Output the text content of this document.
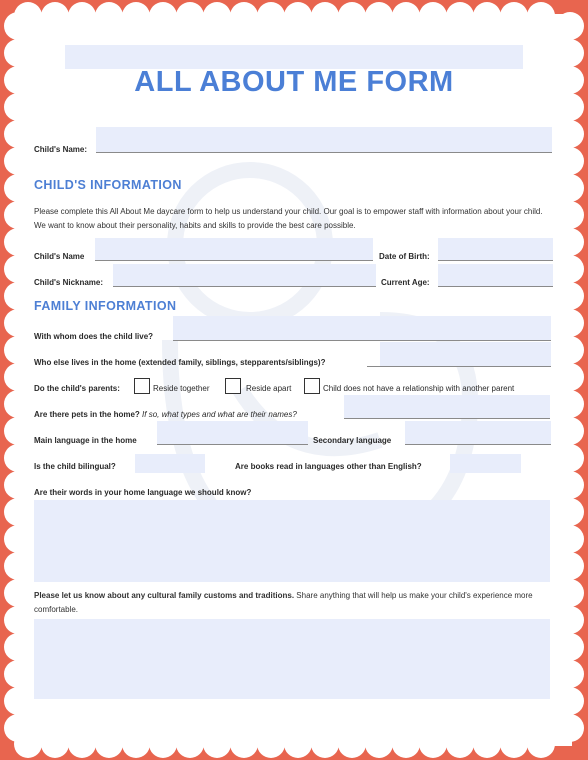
ALL ABOUT ME FORM
Child's Name:
CHILD'S INFORMATION
Please complete this All About Me daycare form to help us understand your child. Our goal is to empower staff with information about your child. We want to know about their personality, habits and skills to provide the best care possible.
Child's Name	Date of Birth:
Child's Nickname:	Current Age:
FAMILY INFORMATION
With whom does the child live?
Who else lives in the home (extended family, siblings, stepparents/siblings)?
Do the child's parents:	Reside together	Reside apart	Child does not have a relationship with another parent
Are there pets in the home? If so, what types and what are their names?
Main language in the home	Secondary language
Is the child bilingual?	Are books read in languages other than English?
Are their words in your home language we should know?
Please let us know about any cultural family customs and traditions. Share anything that will help us make your child's experience more comfortable.
